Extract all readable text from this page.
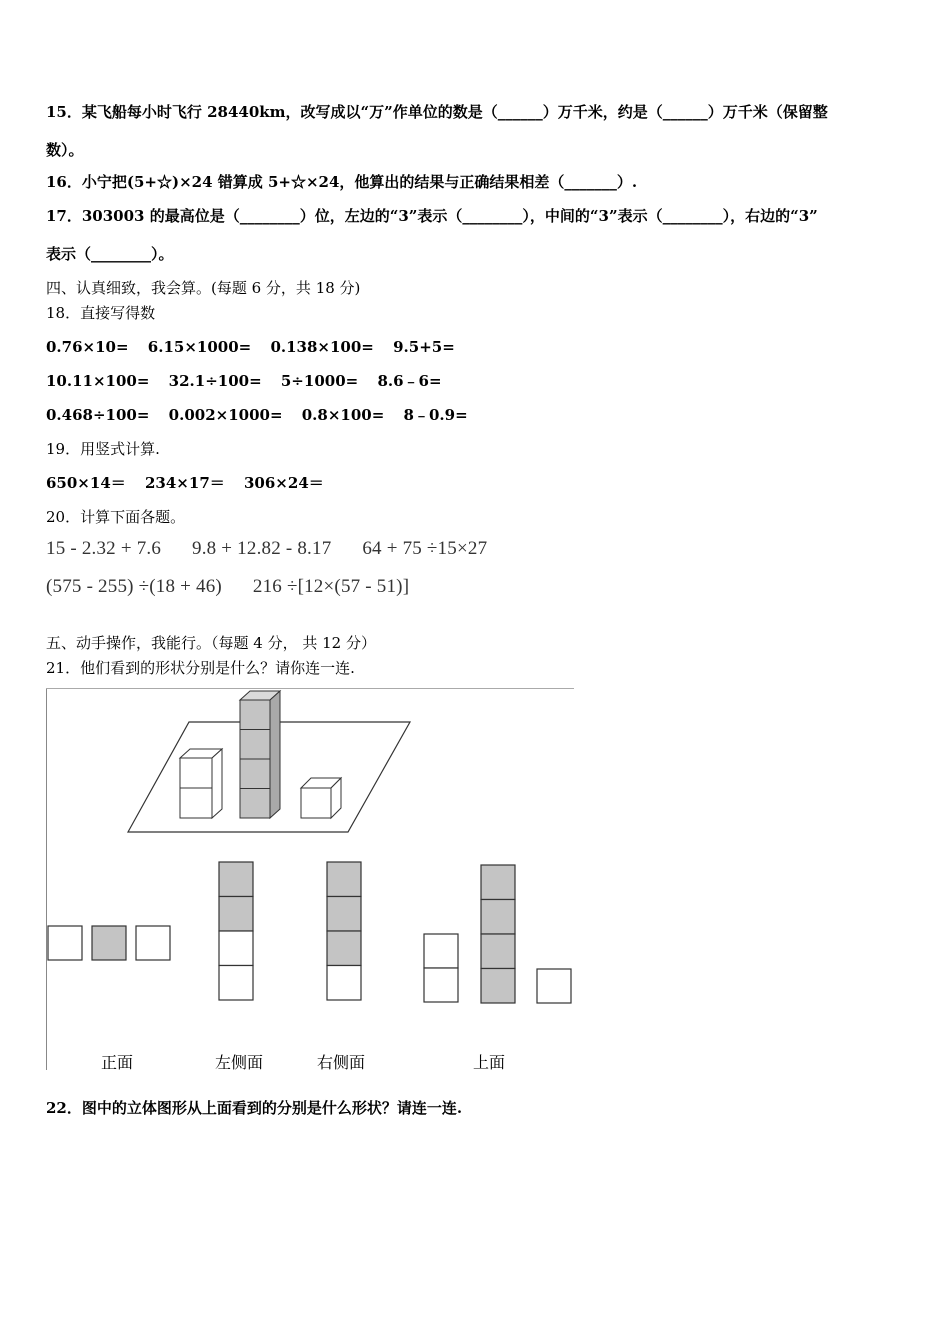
15．某飞船每小时飞行 28440km，改写成以“万”作单位的数是（______）万千米，约是（______）万千米（保留整
数）。
16．小宁把(5+☆)×24 错算成 5+☆×24，他算出的结果与正确结果相差（_______）.
17．303003 的最高位是（________）位，左边的“3”表示（________），中间的“3”表示（________），右边的“3”
表示（________）。
四、认真细致，我会算。(每题 6 分，共 18 分)
18．直接写得数
0.76×10= 6.15×1000= 0.138×100= 9.5+5=
10.11×100= 32.1÷100= 5÷1000= 8.6﹣6=
0.468÷100= 0.002×1000= 0.8×100= 8﹣0.9=
19．用竖式计算.
650×14＝ 234×17＝ 306×24＝
20．计算下面各题。
15 - 2.32 + 7.6 9.8 + 12.82 - 8.17 64 + 75 ÷15×27
(575 - 255) ÷(18 + 46) 216 ÷[12×(57 - 51)]
五、动手操作，我能行。（每题 4 分， 共 12 分）
21．他们看到的形状分别是什么？请你连一连.
正面	左侧面	右侧面	上面
22．图中的立体图形从上面看到的分别是什么形状？请连一连.
